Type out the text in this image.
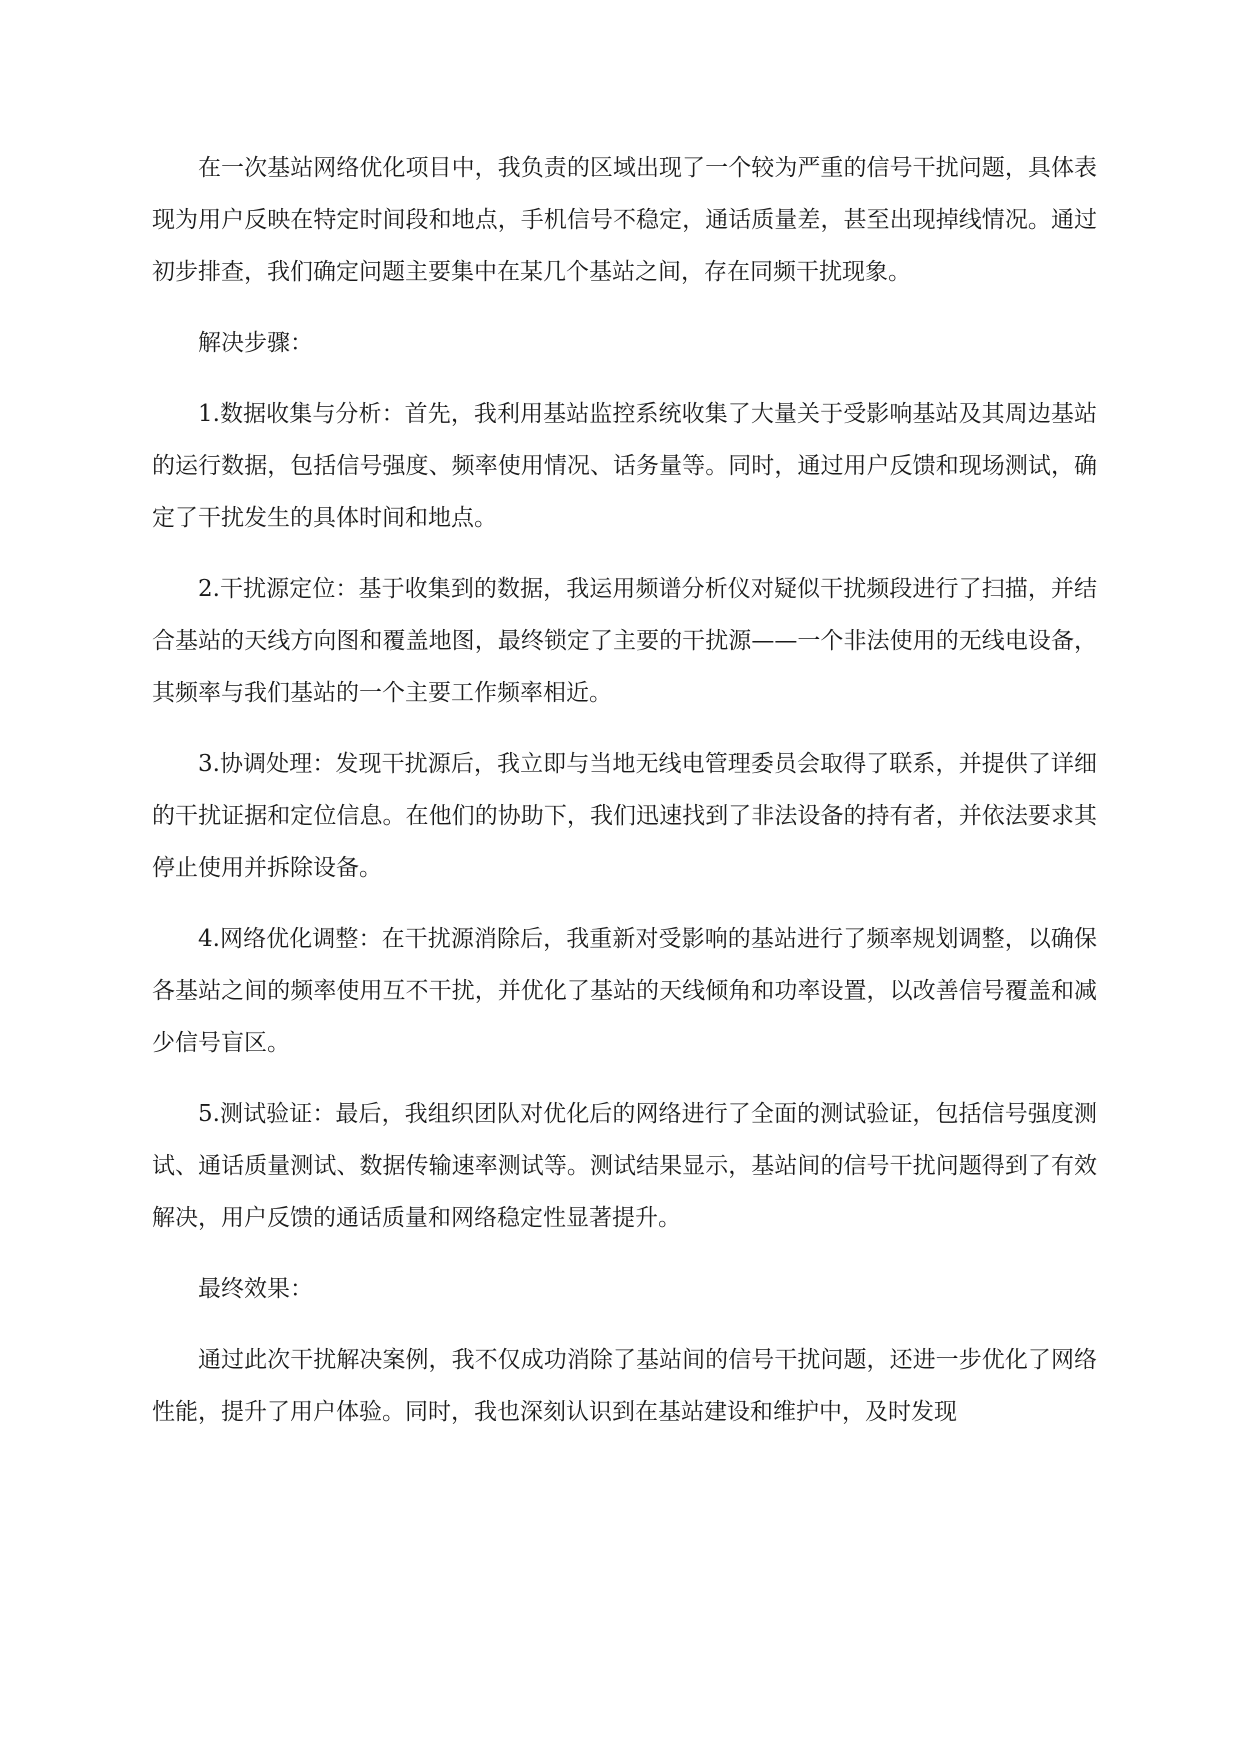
在一次基站网络优化项目中，我负责的区域出现了一个较为严重的信号干扰问题，具体表现为用户反映在特定时间段和地点，手机信号不稳定，通话质量差，甚至出现掉线情况。通过初步排查，我们确定问题主要集中在某几个基站之间，存在同频干扰现象。

解决步骤：

1.数据收集与分析：首先，我利用基站监控系统收集了大量关于受影响基站及其周边基站的运行数据，包括信号强度、频率使用情况、话务量等。同时，通过用户反馈和现场测试，确定了干扰发生的具体时间和地点。

2.干扰源定位：基于收集到的数据，我运用频谱分析仪对疑似干扰频段进行了扫描，并结合基站的天线方向图和覆盖地图，最终锁定了主要的干扰源——一个非法使用的无线电设备，其频率与我们基站的一个主要工作频率相近。

3.协调处理：发现干扰源后，我立即与当地无线电管理委员会取得了联系，并提供了详细的干扰证据和定位信息。在他们的协助下，我们迅速找到了非法设备的持有者，并依法要求其停止使用并拆除设备。

4.网络优化调整：在干扰源消除后，我重新对受影响的基站进行了频率规划调整，以确保各基站之间的频率使用互不干扰，并优化了基站的天线倾角和功率设置，以改善信号覆盖和减少信号盲区。

5.测试验证：最后，我组织团队对优化后的网络进行了全面的测试验证，包括信号强度测试、通话质量测试、数据传输速率测试等。测试结果显示，基站间的信号干扰问题得到了有效解决，用户反馈的通话质量和网络稳定性显著提升。

最终效果：

通过此次干扰解决案例，我不仅成功消除了基站间的信号干扰问题，还进一步优化了网络性能，提升了用户体验。同时，我也深刻认识到在基站建设和维护中，及时发现
